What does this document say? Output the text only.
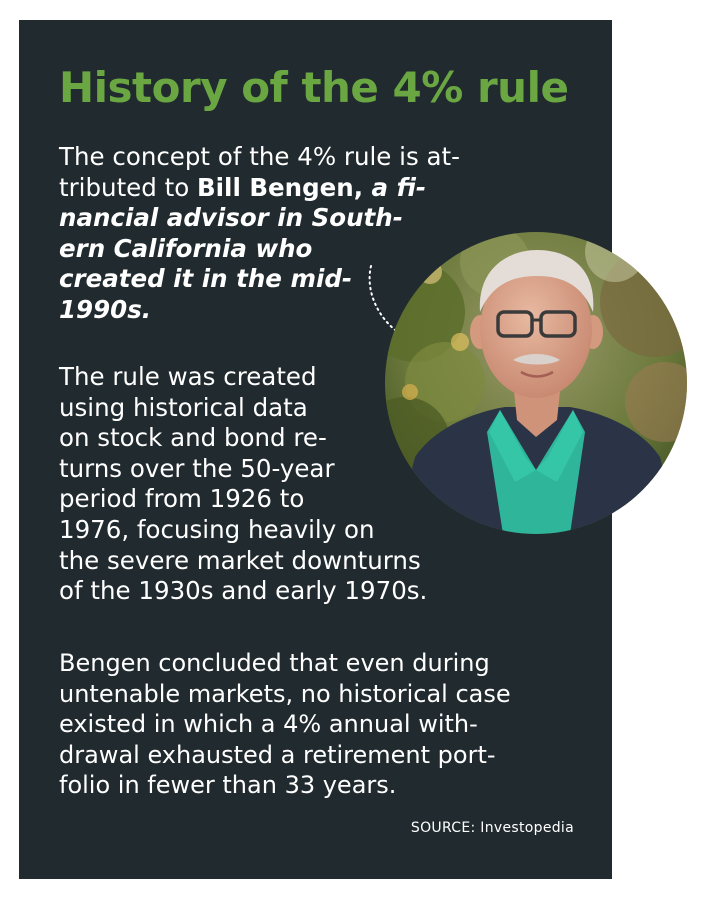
History of the 4% rule

The concept of the 4% rule is at-
tributed to Bill Bengen, a fi-
nancial advisor in South-
ern California who
created it in the mid-
1990s.

The rule was created
using historical data
on stock and bond re-
turns over the 50-year
period from 1926 to
1976, focusing heavily on
the severe market downturns
of the 1930s and early 1970s.

Bengen concluded that even during
untenable markets, no historical case
existed in which a 4% annual with-
drawal exhausted a retirement port-
folio in fewer than 33 years.

SOURCE: Investopedia
